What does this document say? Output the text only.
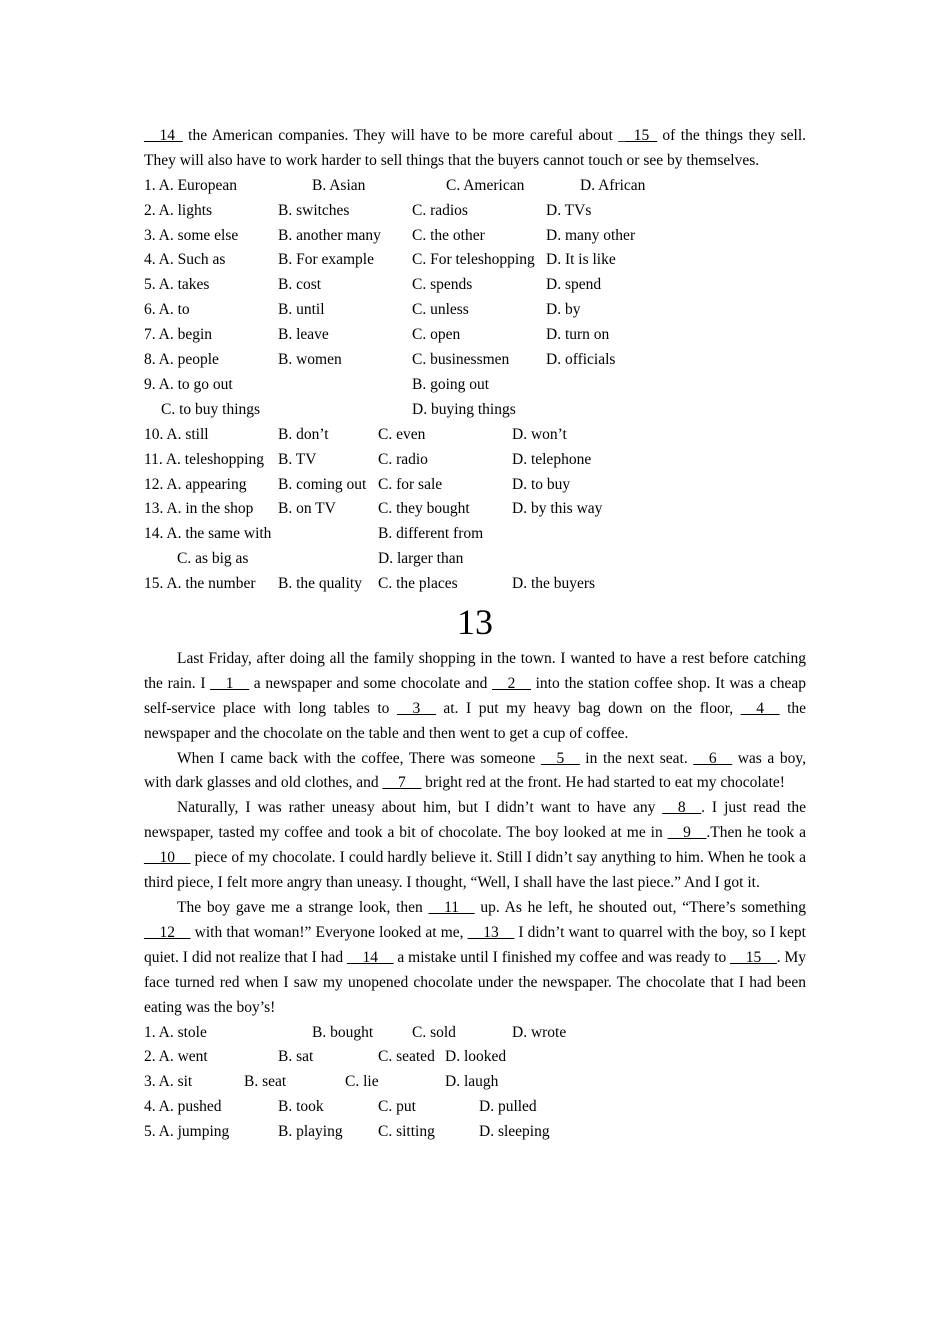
__14_ the American companies. They will have to be more careful about __15_ of the things they sell. They will also have to work harder to sell things that the buyers cannot touch or see by themselves.

1. A. European	B. Asian	C. American	D. African
2. A. lights	B. switches	C. radios	D. TVs
3. A. some else	B. another many C. the other	D. many other
4. A. Such as	B. For example C. For teleshopping D. It is like
5. A. takes	B. cost	C. spends	D. spend
6. A. to	B. until	C. unless	D. by
7. A. begin	B. leave	C. open	D. turn on
8. A. people	B. women	C. businessmen D. officials
9. A. to go out	B. going out
C. to buy things	D. buying things
10. A. still	B. don’t	C. even	D. won’t
11. A. teleshopping B. TV	C. radio	D. telephone
12. A. appearing B. coming out C. for sale	D. to buy
13. A. in the shop B. on TV	C. they bought	D. by this way
14. A. the same with	B. different from
C. as big as	D. larger than
15. A. the number B. the quality C. the places	D. the buyers
13

Last Friday, after doing all the family shopping in the town. I wanted to have a rest before catching the rain. I __1__ a newspaper and some chocolate and __2__ into the station coffee shop. It was a cheap self-service place with long tables to __3__ at. I put my heavy bag down on the floor, __4__ the newspaper and the chocolate on the table and then went to get a cup of coffee.

When I came back with the coffee, There was someone __5__ in the next seat. __6__ was a boy, with dark glasses and old clothes, and __7__ bright red at the front. He had started to eat my chocolate!

Naturally, I was rather uneasy about him, but I didn’t want to have any __8__. I just read the newspaper, tasted my coffee and took a bit of chocolate. The boy looked at me in __9__.Then he took a __10__ piece of my chocolate. I could hardly believe it. Still I didn’t say anything to him. When he took a third piece, I felt more angry than uneasy. I thought, “Well, I shall have the last piece.” And I got it.

The boy gave me a strange look, then __11__ up. As he left, he shouted out, “There’s something __12__ with that woman!” Everyone looked at me, __13__ I didn’t want to quarrel with the boy, so I kept quiet. I did not realize that I had __14__ a mistake until I finished my coffee and was ready to __15__. My face turned red when I saw my unopened chocolate under the newspaper. The chocolate that I had been eating was the boy’s!

1. A. stole	B. bought	C. sold	D. wrote
2. A. went	B. sat	C. seated D. looked
3. A. sit	B. seat	C. lie	D. laugh
4. A. pushed	B. took	C. put	D. pulled
5. A. jumping	B. playing C. sitting	D. sleeping
